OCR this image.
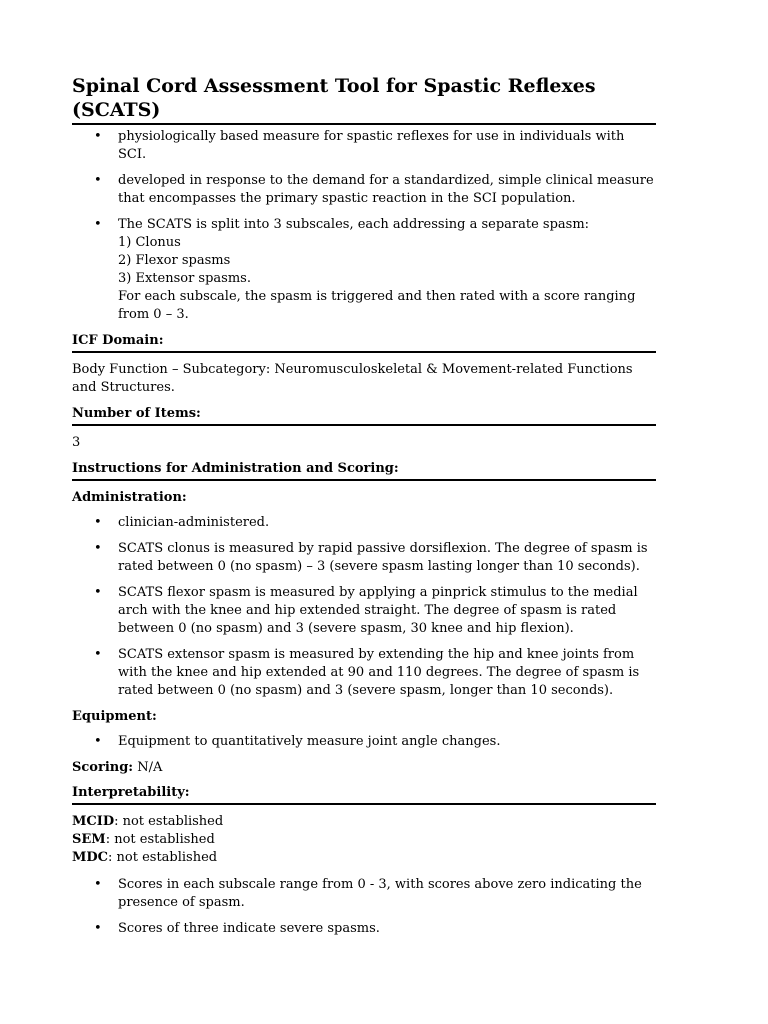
Spinal Cord Assessment Tool for Spastic Reflexes (SCATS)
• physiologically based measure for spastic reflexes for use in individuals with SCI.
• developed in response to the demand for a standardized, simple clinical measure that encompasses the primary spastic reaction in the SCI population.
• The SCATS is split into 3 subscales, each addressing a separate spasm:
1) Clonus
2) Flexor spasms
3) Extensor spasms.
For each subscale, the spasm is triggered and then rated with a score ranging from 0 – 3.
ICF Domain:

Body Function – Subcategory: Neuromusculoskeletal & Movement-related Functions and Structures.

Number of Items:

3

Instructions for Administration and Scoring:
Administration:
• clinician-administered.
• SCATS clonus is measured by rapid passive dorsiflexion. The degree of spasm is rated between 0 (no spasm) – 3 (severe spasm lasting longer than 10 seconds).
• SCATS flexor spasm is measured by applying a pinprick stimulus to the medial arch with the knee and hip extended straight. The degree of spasm is rated between 0 (no spasm) and 3 (severe spasm, 30 knee and hip flexion).
• SCATS extensor spasm is measured by extending the hip and knee joints from with the knee and hip extended at 90 and 110 degrees. The degree of spasm is rated between 0 (no spasm) and 3 (severe spasm, longer than 10 seconds).
Equipment:
• Equipment to quantitatively measure joint angle changes.

Scoring: N/A

Interpretability:
MCID: not established
SEM: not established
MDC: not established
• Scores in each subscale range from 0 - 3, with scores above zero indicating the presence of spasm.
• Scores of three indicate severe spasms.
